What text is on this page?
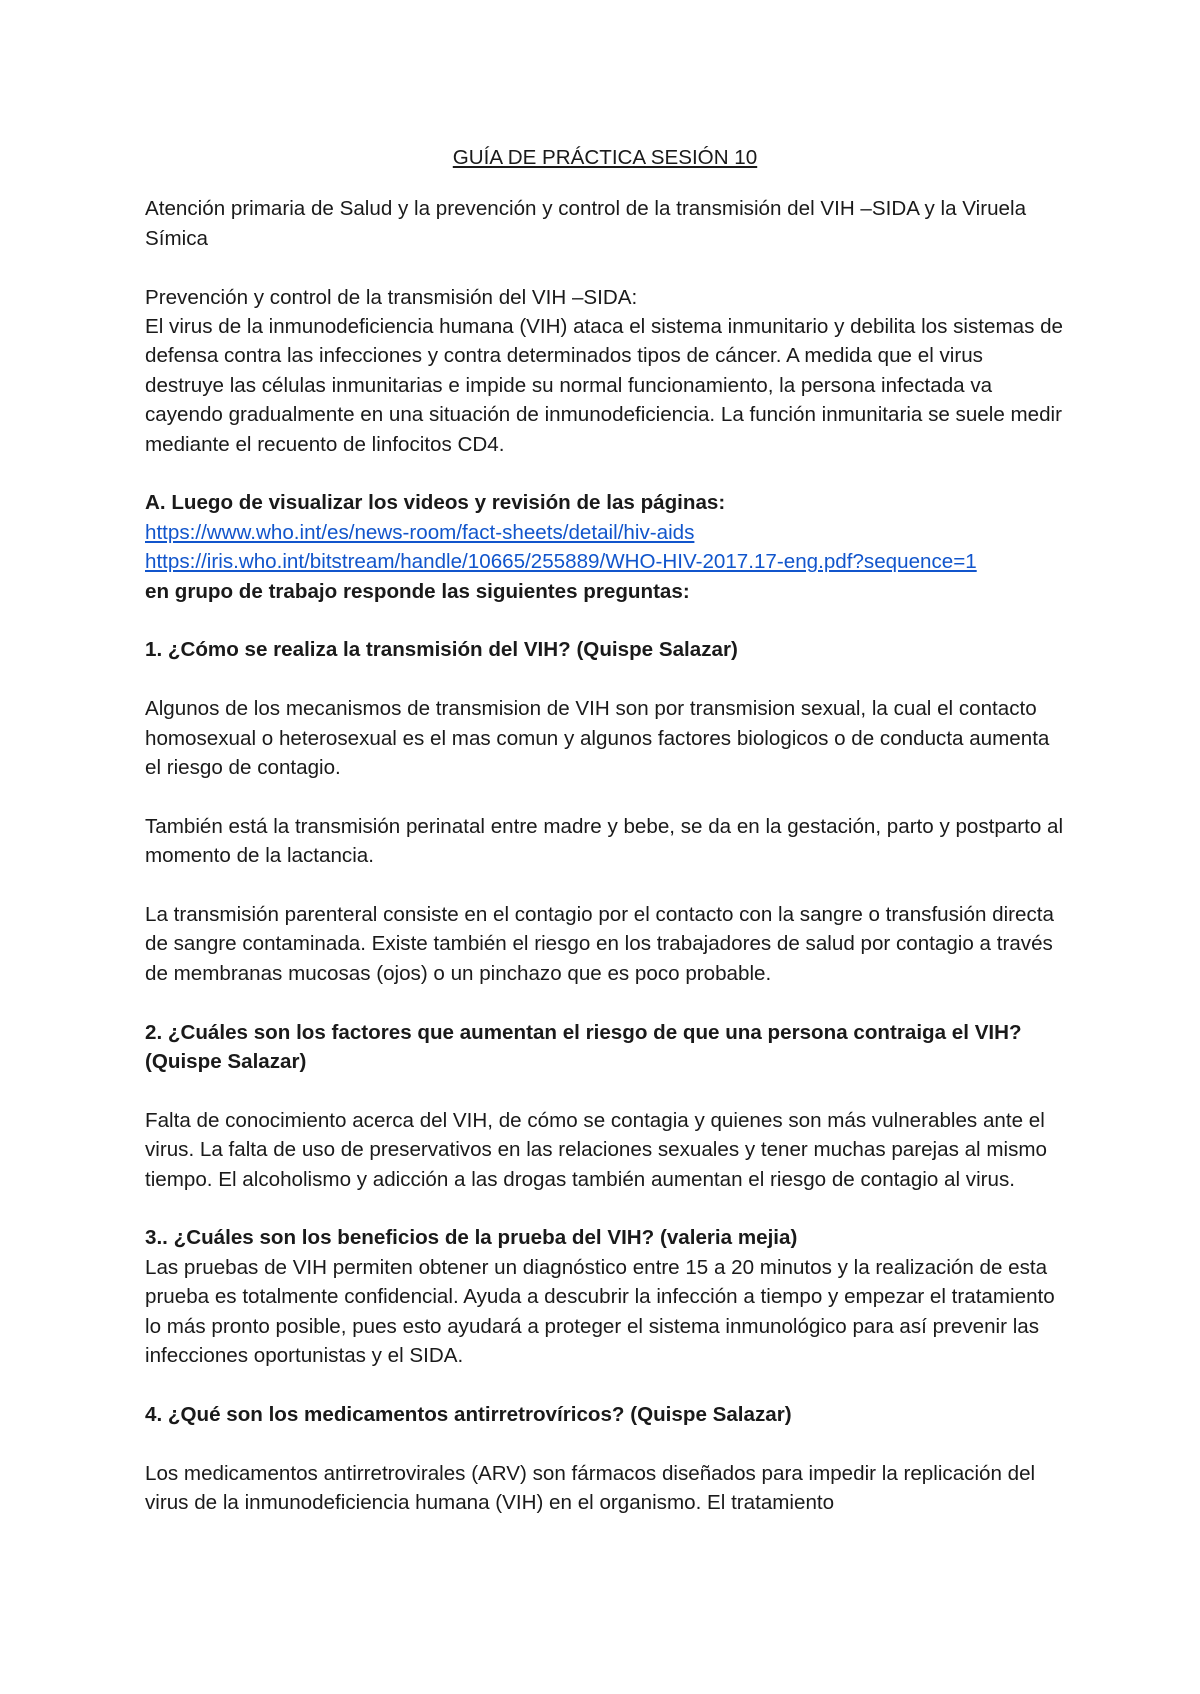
GUÍA DE PRÁCTICA SESIÓN 10

Atención primaria de Salud y la prevención y control de la transmisión del VIH –SIDA y la Viruela Símica

Prevención y control de la transmisión del VIH –SIDA:

El virus de la inmunodeficiencia humana (VIH) ataca el sistema inmunitario y debilita los sistemas de defensa contra las infecciones y contra determinados tipos de cáncer. A medida que el virus destruye las células inmunitarias e impide su normal funcionamiento, la persona infectada va cayendo gradualmente en una situación de inmunodeficiencia. La función inmunitaria se suele medir mediante el recuento de linfocitos CD4.

A. Luego de visualizar los videos y revisión de las páginas:

https://www.who.int/es/news-room/fact-sheets/detail/hiv-aids
https://iris.who.int/bitstream/handle/10665/255889/WHO-HIV-2017.17-eng.pdf?sequence=1

en grupo de trabajo responde las siguientes preguntas:

1. ¿Cómo se realiza la transmisión del VIH? (Quispe Salazar)

Algunos de los mecanismos de transmision de VIH son por transmision sexual, la cual el contacto homosexual o heterosexual es el mas comun y algunos factores biologicos o de conducta aumenta el riesgo de contagio.

También está la transmisión perinatal entre madre y bebe, se da en la gestación, parto y postparto al momento de la lactancia.

La transmisión parenteral consiste en el contagio por el contacto con la sangre o transfusión directa de sangre contaminada. Existe también el riesgo en los trabajadores de salud por contagio a través de membranas mucosas (ojos) o un pinchazo que es poco probable.

2. ¿Cuáles son los factores que aumentan el riesgo de que una persona contraiga el VIH? (Quispe Salazar)

Falta de conocimiento acerca del VIH, de cómo se contagia y quienes son más vulnerables ante el virus. La falta de uso de preservativos en las relaciones sexuales y tener muchas parejas al mismo tiempo. El alcoholismo y adicción a las drogas también aumentan el riesgo de contagio al virus.

3.. ¿Cuáles son los beneficios de la prueba del VIH? (valeria mejia)

Las pruebas de VIH permiten obtener un diagnóstico entre 15 a 20 minutos y la realización de esta prueba es totalmente confidencial. Ayuda a descubrir la infección a tiempo y empezar el tratamiento lo más pronto posible, pues esto ayudará a proteger el sistema inmunológico para así prevenir las infecciones oportunistas y el SIDA.

4. ¿Qué son los medicamentos antirretrovíricos? (Quispe Salazar)

Los medicamentos antirretrovirales (ARV) son fármacos diseñados para impedir la replicación del virus de la inmunodeficiencia humana (VIH) en el organismo. El tratamiento
